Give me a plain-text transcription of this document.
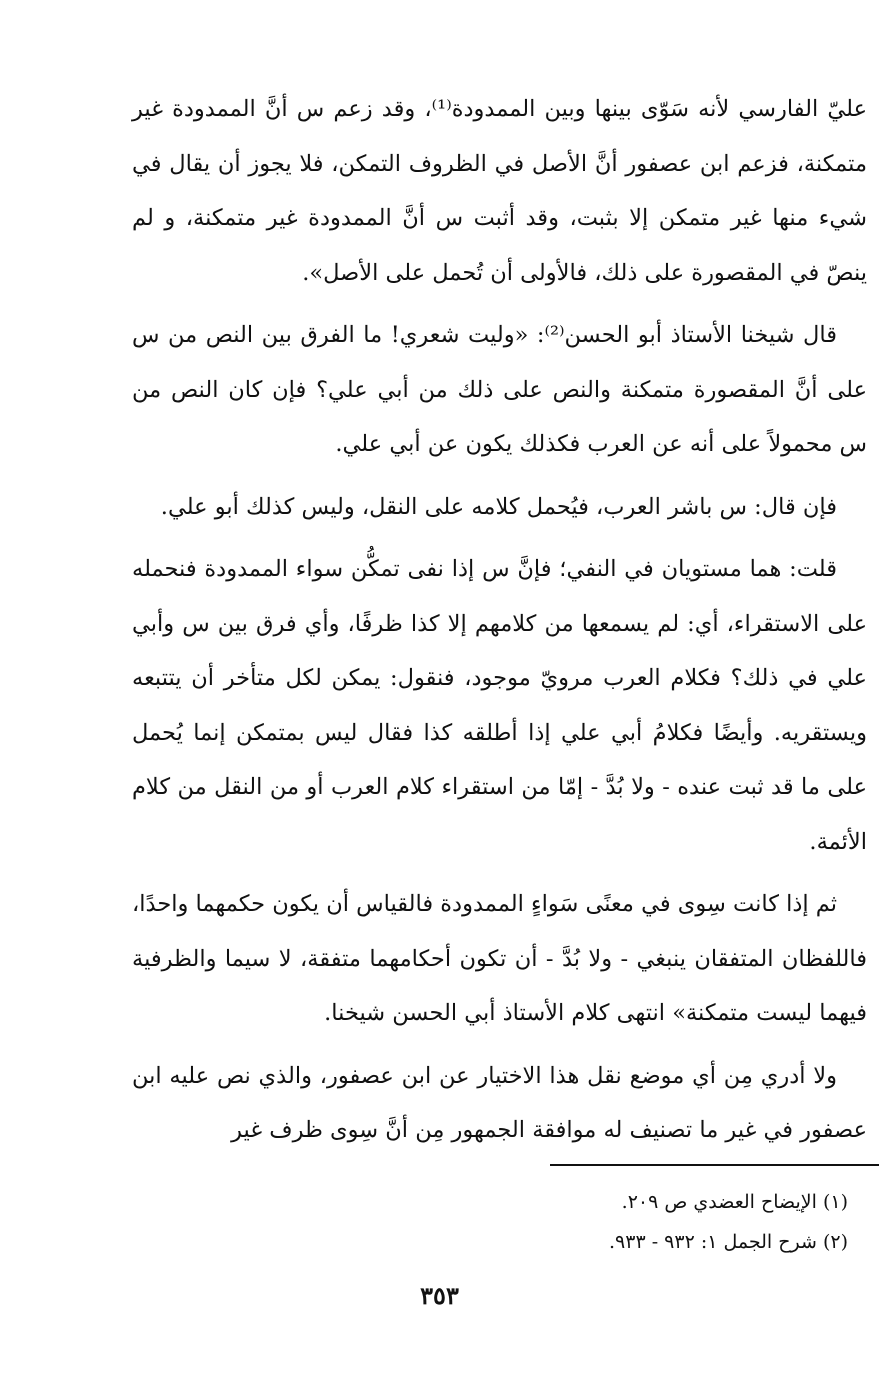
عليّ الفارسي لأنه سَوّى بينها وبين الممدودة⁽¹⁾، وقد زعم س أنَّ الممدودة غير متمكنة، فزعم ابن عصفور أنَّ الأصل في الظروف التمكن، فلا يجوز أن يقال في شيء منها غير متمكن إلا بثبت، وقد أثبت س أنَّ الممدودة غير متمكنة، و لم ينصّ في المقصورة على ذلك، فالأولى أن تُحمل على الأصل».

قال شيخنا الأستاذ أبو الحسن⁽²⁾: «وليت شعري! ما الفرق بين النص من س على أنَّ المقصورة متمكنة والنص على ذلك من أبي علي؟ فإن كان النص من س محمولاً على أنه عن العرب فكذلك يكون عن أبي علي.

فإن قال: س باشر العرب، فيُحمل كلامه على النقل، وليس كذلك أبو علي.

قلت: هما مستويان في النفي؛ فإنَّ س إذا نفى تمكُّن سواء الممدودة فنحمله على الاستقراء، أي: لم يسمعها من كلامهم إلا كذا ظرفًا، وأي فرق بين س وأبي علي في ذلك؟ فكلام العرب مرويّ موجود، فنقول: يمكن لكل متأخر أن يتتبعه ويستقريه. وأيضًا فكلامُ أبي علي إذا أطلقه كذا فقال ليس بمتمكن إنما يُحمل على ما قد ثبت عنده - ولا بُدَّ - إمّا من استقراء كلام العرب أو من النقل من كلام الأئمة.

ثم إذا كانت سِوى في معنًى سَواءٍ الممدودة فالقياس أن يكون حكمهما واحدًا، فاللفظان المتفقان ينبغي - ولا بُدَّ - أن تكون أحكامهما متفقة، لا سيما والظرفية فيهما ليست متمكنة» انتهى كلام الأستاذ أبي الحسن شيخنا.

ولا أدري مِن أي موضع نقل هذا الاختيار عن ابن عصفور، والذي نص عليه ابن عصفور في غير ما تصنيف له موافقة الجمهور مِن أنَّ سِوى ظرف غير

(١) الإيضاح العضدي ص ٢٠٩.

(٢) شرح الجمل ١: ٩٣٢ - ٩٣٣.

٣٥٣
